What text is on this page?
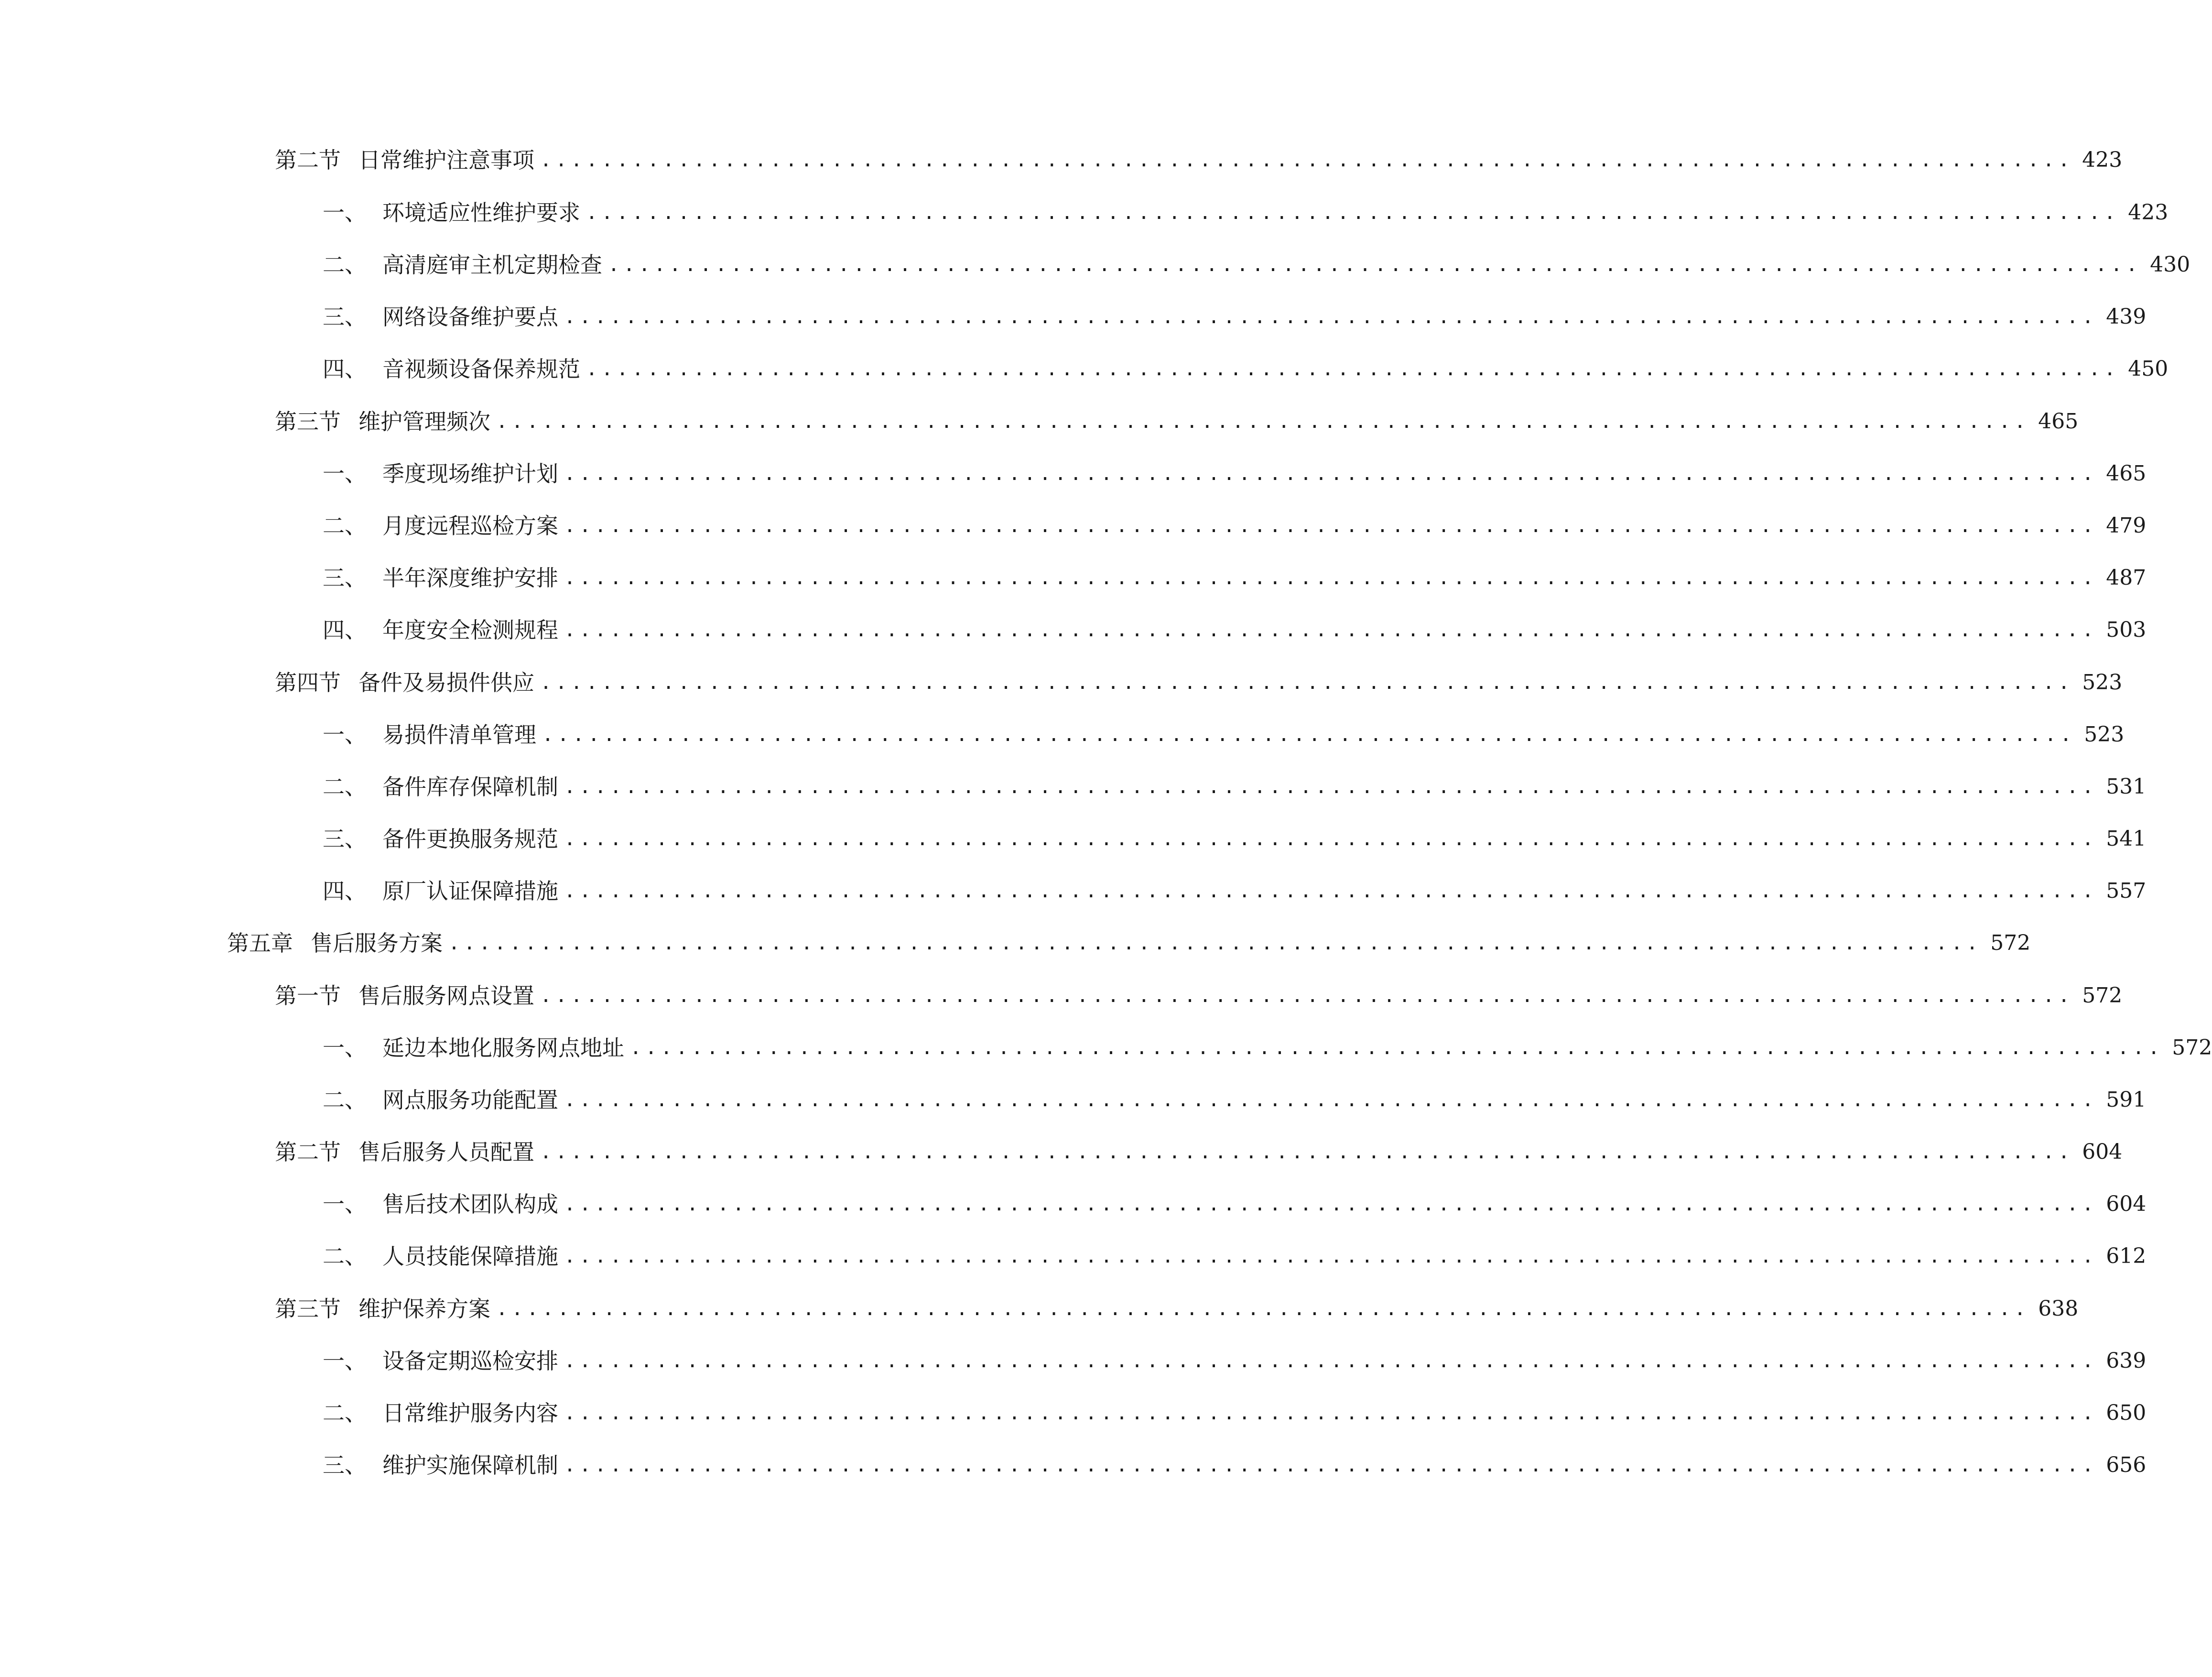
第二节 日常维护注意事项 .................................................................................................... 423
一、 环境适应性维护要求 .................................................................................................... 423
二、 高清庭审主机定期检查 .................................................................................................... 430
三、 网络设备维护要点 .................................................................................................... 439
四、 音视频设备保养规范 .................................................................................................... 450
第三节 维护管理频次 .................................................................................................... 465
一、 季度现场维护计划 .................................................................................................... 465
二、 月度远程巡检方案 .................................................................................................... 479
三、 半年深度维护安排 .................................................................................................... 487
四、 年度安全检测规程 .................................................................................................... 503
第四节 备件及易损件供应 .................................................................................................... 523
一、 易损件清单管理 .................................................................................................... 523
二、 备件库存保障机制 .................................................................................................... 531
三、 备件更换服务规范 .................................................................................................... 541
四、 原厂认证保障措施 .................................................................................................... 557
第五章 售后服务方案 .................................................................................................... 572
第一节 售后服务网点设置 .................................................................................................... 572
一、 延边本地化服务网点地址 .................................................................................................... 572
二、 网点服务功能配置 .................................................................................................... 591
第二节 售后服务人员配置 .................................................................................................... 604
一、 售后技术团队构成 .................................................................................................... 604
二、 人员技能保障措施 .................................................................................................... 612
第三节 维护保养方案 .................................................................................................... 638
一、 设备定期巡检安排 .................................................................................................... 639
二、 日常维护服务内容 .................................................................................................... 650
三、 维护实施保障机制 .................................................................................................... 656
